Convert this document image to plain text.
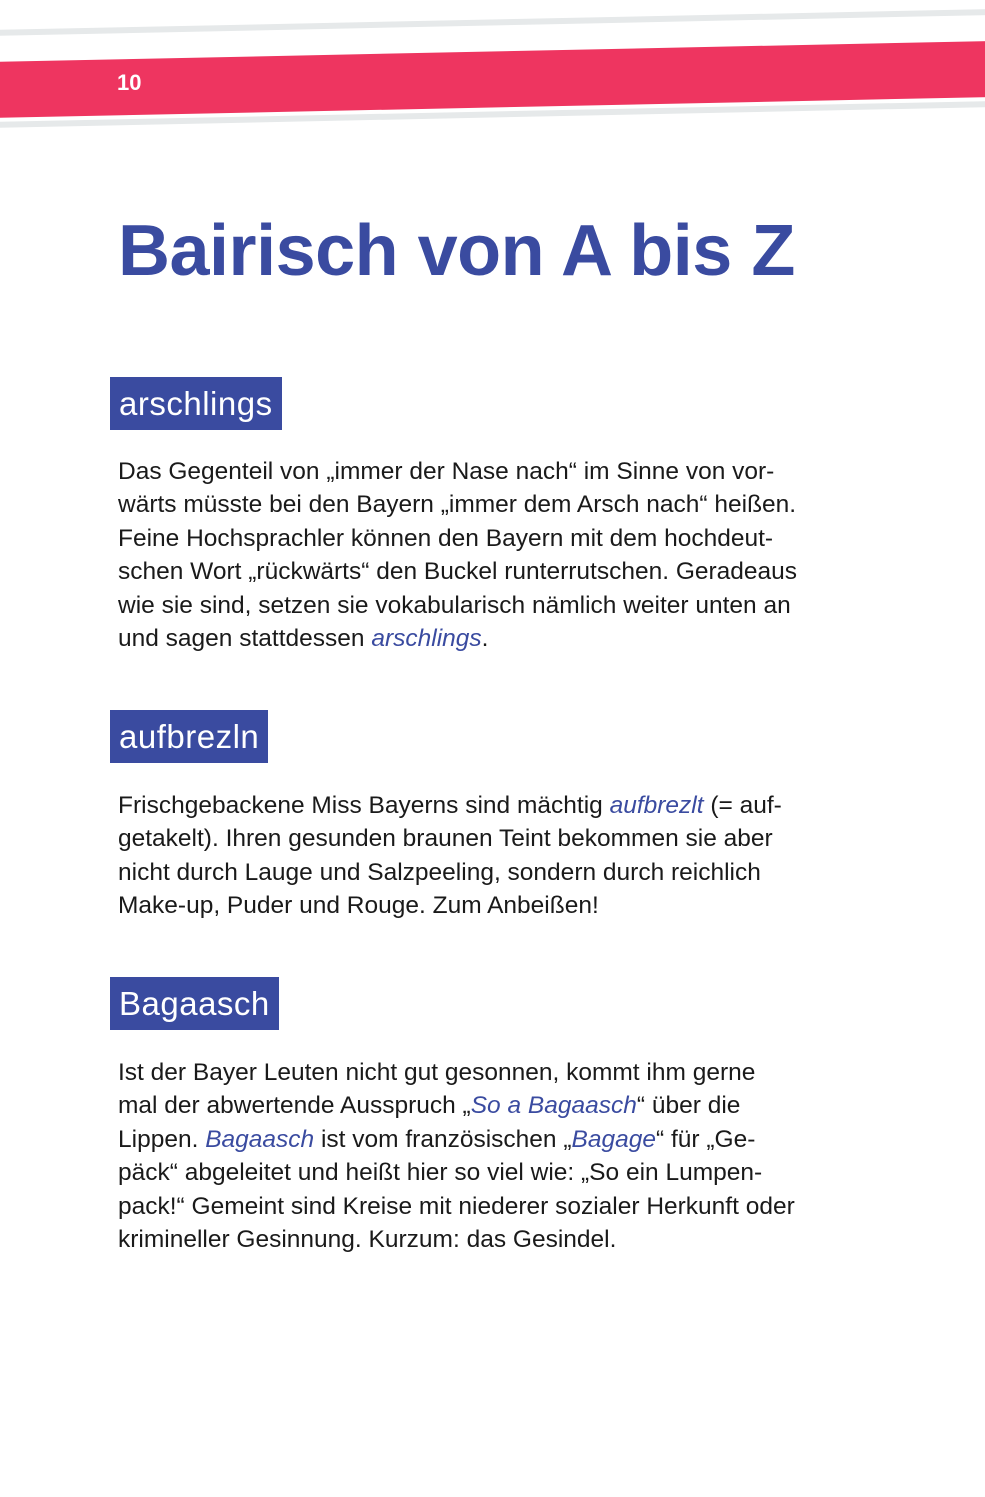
10
Bairisch von A bis Z
arschlings
Das Gegenteil von „immer der Nase nach“ im Sinne von vor-
wärts müsste bei den Bayern „immer dem Arsch nach“ heißen.
Feine Hochsprachler können den Bayern mit dem hochdeut-
schen Wort „rückwärts“ den Buckel runterrutschen. Geradeaus
wie sie sind, setzen sie vokabularisch nämlich weiter unten an
und sagen stattdessen arschlings.
aufbrezln
Frischgebackene Miss Bayerns sind mächtig aufbrezlt (= auf-
getakelt). Ihren gesunden braunen Teint bekommen sie aber
nicht durch Lauge und Salzpeeling, sondern durch reichlich
Make-up, Puder und Rouge. Zum Anbeißen!
Bagaasch
Ist der Bayer Leuten nicht gut gesonnen, kommt ihm gerne
mal der abwertende Ausspruch „So a Bagaasch“ über die
Lippen. Bagaasch ist vom französischen „Bagage“ für „Ge-
päck“ abgeleitet und heißt hier so viel wie: „So ein Lumpen-
pack!“ Gemeint sind Kreise mit niederer sozialer Herkunft oder
krimineller Gesinnung. Kurzum: das Gesindel.
